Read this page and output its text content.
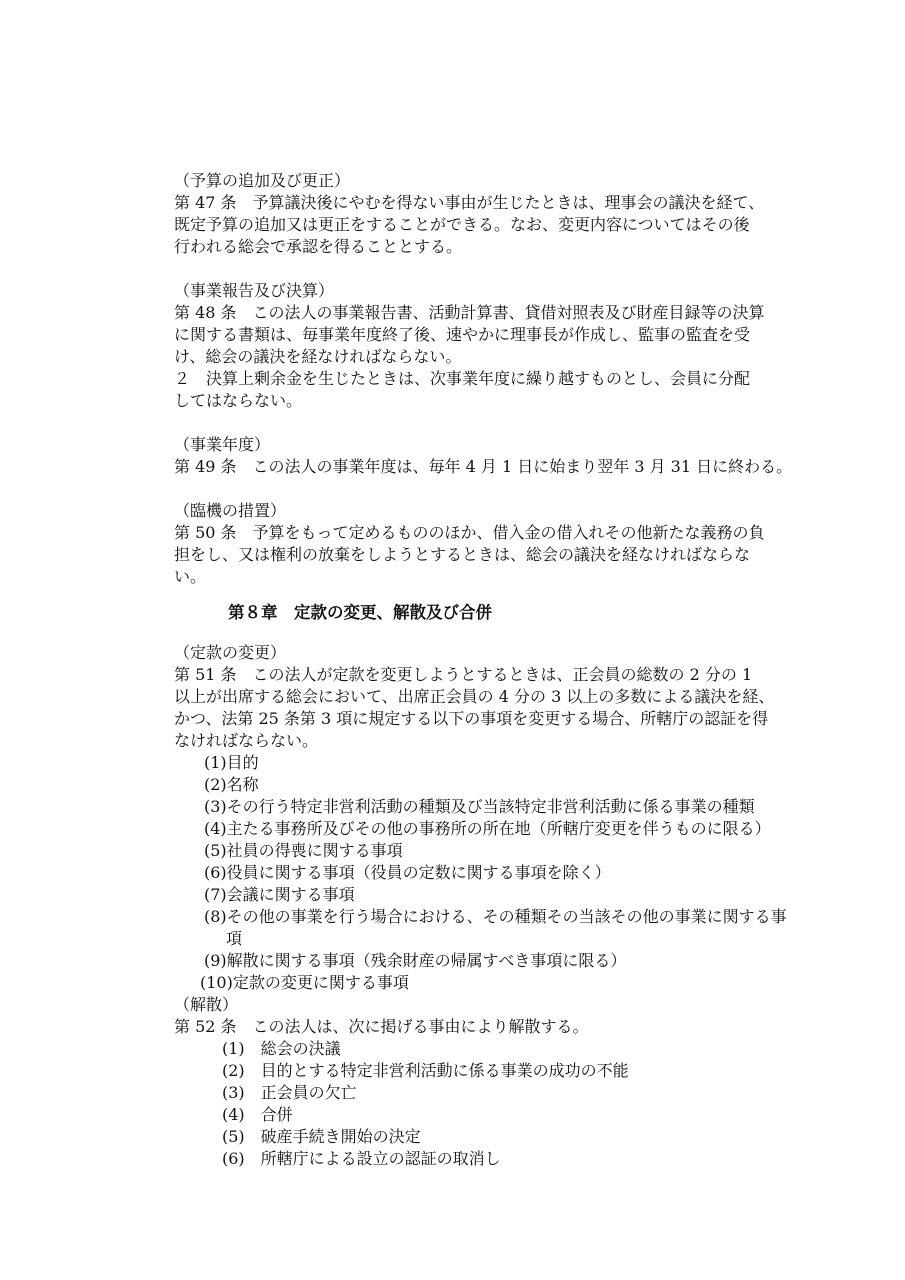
（予算の追加及び更正）
第 47 条　予算議決後にやむを得ない事由が生じたときは、理事会の議決を経て、
既定予算の追加又は更正をすることができる。なお、変更内容についてはその後
行われる総会で承認を得ることとする。
（事業報告及び決算）
第 48 条　この法人の事業報告書、活動計算書、貸借対照表及び財産目録等の決算
に関する書類は、毎事業年度終了後、速やかに理事長が作成し、監事の監査を受
け、総会の議決を経なければならない。
２　決算上剰余金を生じたときは、次事業年度に繰り越すものとし、会員に分配
してはならない。
（事業年度）
第 49 条　この法人の事業年度は、毎年 4 月 1 日に始まり翌年 3 月 31 日に終わる。
（臨機の措置）
第 50 条　予算をもって定めるもののほか、借入金の借入れその他新たな義務の負
担をし、又は権利の放棄をしようとするときは、総会の議決を経なければならな
い。
第８章　定款の変更、解散及び合併
（定款の変更）
第 51 条　この法人が定款を変更しようとするときは、正会員の総数の 2 分の 1
以上が出席する総会において、出席正会員の 4 分の 3 以上の多数による議決を経、
かつ、法第 25 条第 3 項に規定する以下の事項を変更する場合、所轄庁の認証を得
なければならない。
(1)目的
(2)名称
(3)その行う特定非営利活動の種類及び当該特定非営利活動に係る事業の種類
(4)主たる事務所及びその他の事務所の所在地（所轄庁変更を伴うものに限る）
(5)社員の得喪に関する事項
(6)役員に関する事項（役員の定数に関する事項を除く）
(7)会議に関する事項
(8)その他の事業を行う場合における、その種類その当該その他の事業に関する事
項
(9)解散に関する事項（残余財産の帰属すべき事項に限る）
(10)定款の変更に関する事項
（解散）
第 52 条　この法人は、次に掲げる事由により解散する。
(1)　総会の決議
(2)　目的とする特定非営利活動に係る事業の成功の不能
(3)　正会員の欠亡
(4)　合併
(5)　破産手続き開始の決定
(6)　所轄庁による設立の認証の取消し
